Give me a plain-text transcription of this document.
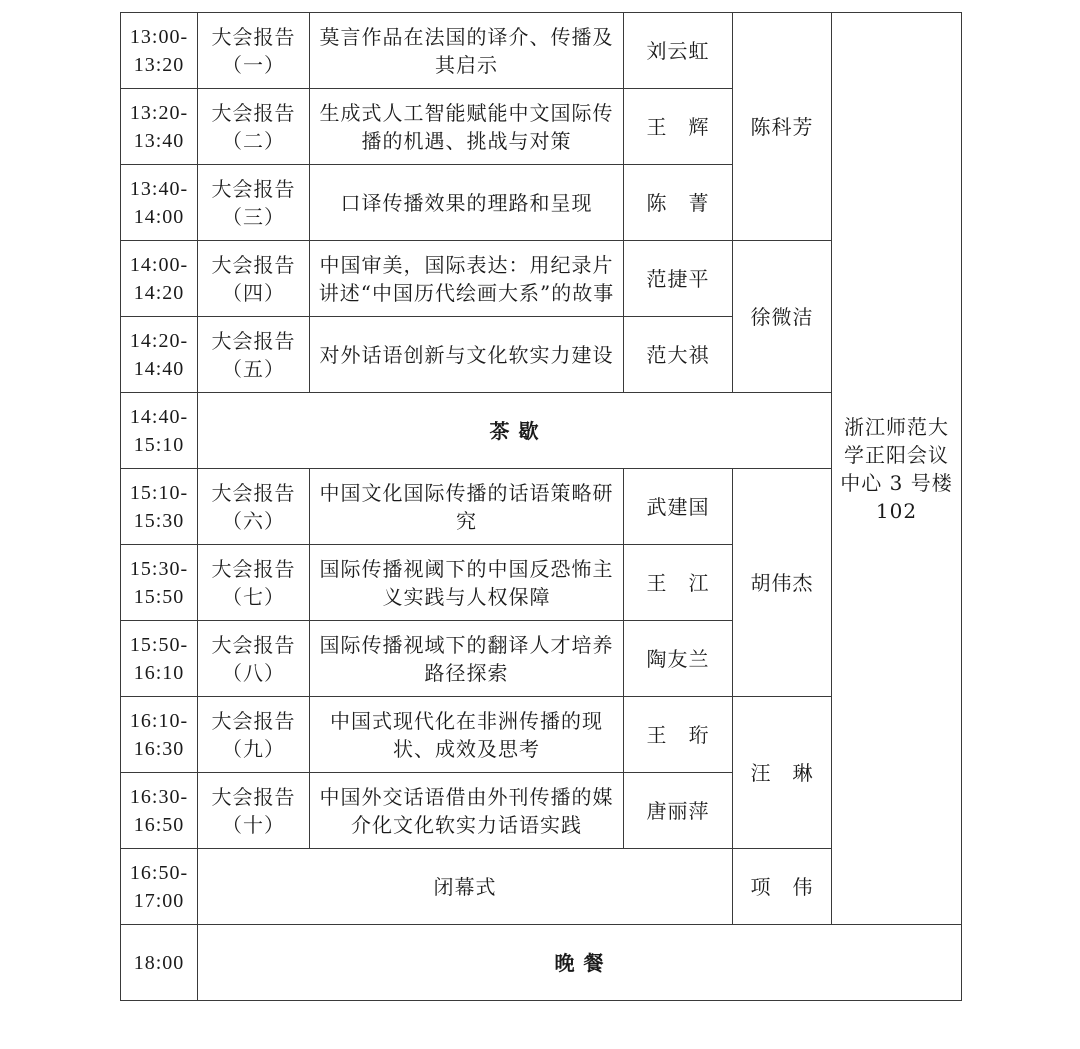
13:00-
13:20	大会报告
（一）	莫言作品在法国的译介、传播及其启示	刘云虹	陈科芳	浙江师范大学正阳会议中心 3 号楼 102

13:20-
13:40	大会报告
（二）	生成式人工智能赋能中文国际传播的机遇、挑战与对策	王　辉		

13:40-
14:00	大会报告
（三）	口译传播效果的理路和呈现	陈　菁		

14:00-
14:20	大会报告
（四）	中国审美，国际表达：用纪录片讲述“中国历代绘画大系”的故事	范捷平	徐微洁	

14:20-
14:40	大会报告
（五）	对外话语创新与文化软实力建设	范大祺		

14:40-
15:10	茶 歇				

15:10-
15:30	大会报告
（六）	中国文化国际传播的话语策略研究	武建国	胡伟杰	

15:30-
15:50	大会报告
（七）	国际传播视阈下的中国反恐怖主义实践与人权保障	王　江		

15:50-
16:10	大会报告
（八）	国际传播视域下的翻译人才培养路径探索	陶友兰		

16:10-
16:30	大会报告
（九）	中国式现代化在非洲传播的现状、成效及思考	王　珩	汪　琳	

16:30-
16:50	大会报告
（十）	中国外交话语借由外刊传播的媒介化文化软实力话语实践	唐丽萍		

16:50-
17:00	闭幕式			项　伟	
18:00	晚 餐				
